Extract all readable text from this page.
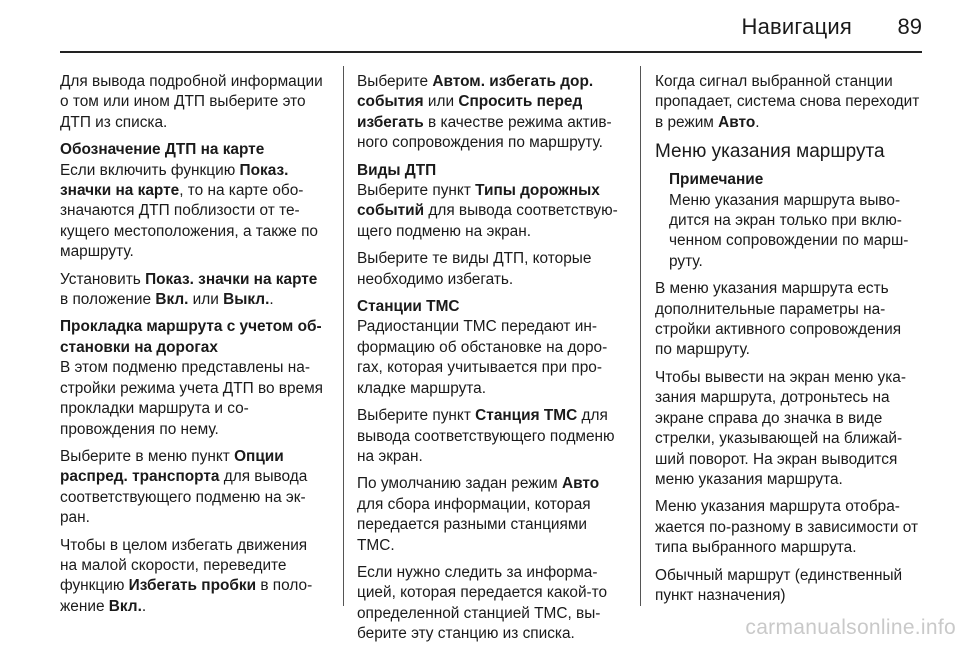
Навигация 89

Для вывода подробной информации о том или ином ДТП выберите это ДТП из списка.

Обозначение ДТП на карте
Если включить функцию Показ. значки на карте, то на карте обозначаются ДТП поблизости от текущего местоположения, а также по маршруту.

Установить Показ. значки на карте в положение Вкл. или Выкл..

Прокладка маршрута с учетом обстановки на дорогах
В этом подменю представлены настройки режима учета ДТП во время прокладки маршрута и сопровождения по нему.

Выберите в меню пункт Опции распред. транспорта для вывода соответствующего подменю на экран.

Чтобы в целом избегать движения на малой скорости, переведите функцию Избегать пробки в положение Вкл..

Выберите Автом. избегать дор. события или Спросить перед избегать в качестве режима активного сопровождения по маршруту.

Виды ДТП
Выберите пункт Типы дорожных событий для вывода соответствующего подменю на экран.

Выберите те виды ДТП, которые необходимо избегать.

Станции ТМС
Радиостанции ТМС передают информацию об обстановке на дорогах, которая учитывается при прокладке маршрута.

Выберите пункт Станция TMC для вывода соответствующего подменю на экран.

По умолчанию задан режим Авто для сбора информации, которая передается разными станциями ТМС.

Если нужно следить за информацией, которая передается какой-то определенной станцией ТМС, выберите эту станцию из списка.

Когда сигнал выбранной станции пропадает, система снова переходит в режим Авто.

Меню указания маршрута
Примечание
Меню указания маршрута выводится на экран только при включенном сопровождении по маршруту.

В меню указания маршрута есть дополнительные параметры настройки активного сопровождения по маршруту.

Чтобы вывести на экран меню указания маршрута, дотроньтесь на экране справа до значка в виде стрелки, указывающей на ближайший поворот. На экран выводится меню указания маршрута.

Меню указания маршрута отображается по-разному в зависимости от типа выбранного маршрута.

Обычный маршрут (единственный пункт назначения)

carmanualsonline.info
